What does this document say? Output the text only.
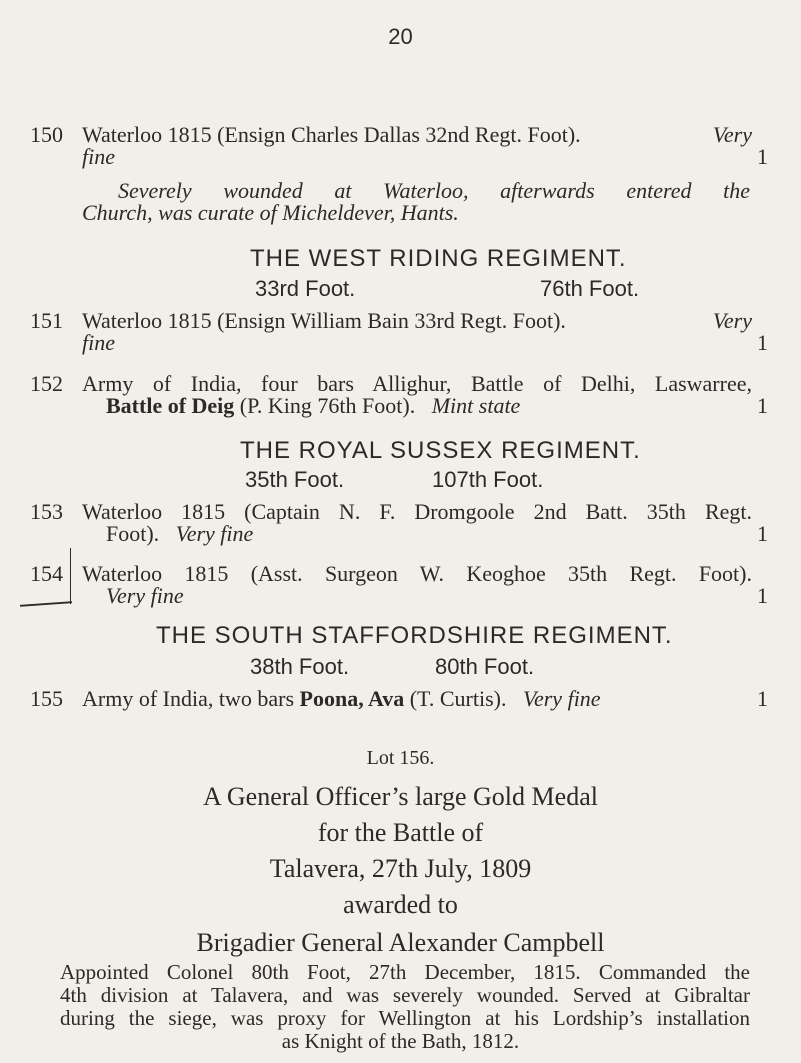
20
150 Waterloo 1815 (Ensign Charles Dallas 32nd Regt. Foot).	Very
fine	1
Severely wounded at Waterloo, afterwards entered the
Church, was curate of Micheldever, Hants.
THE WEST RIDING REGIMENT.
33rd Foot.	76th Foot.
151 Waterloo 1815 (Ensign William Bain 33rd Regt. Foot).	Very
fine	1
152 Army of India, four bars Allighur, Battle of Delhi, Laswarree,
Battle of Deig (P. King 76th Foot). Mint state	1
THE ROYAL SUSSEX REGIMENT.
35th Foot.	107th Foot.
153 Waterloo 1815 (Captain N. F. Dromgoole 2nd Batt. 35th Regt.
Foot). Very fine	1
154 Waterloo 1815 (Asst. Surgeon W. Keoghoe 35th Regt. Foot).
Very fine	1
THE SOUTH STAFFORDSHIRE REGIMENT.
38th Foot.	80th Foot.
155 Army of India, two bars Poona, Ava (T. Curtis). Very fine	1
Lot 156.
A General Officer’s large Gold Medal
for the Battle of
Talavera, 27th July, 1809
awarded to
Brigadier General Alexander Campbell
Appointed Colonel 80th Foot, 27th December, 1815. Commanded the
4th division at Talavera, and was severely wounded. Served at Gibraltar
during the siege, was proxy for Wellington at his Lordship’s installation
as Knight of the Bath, 1812.
